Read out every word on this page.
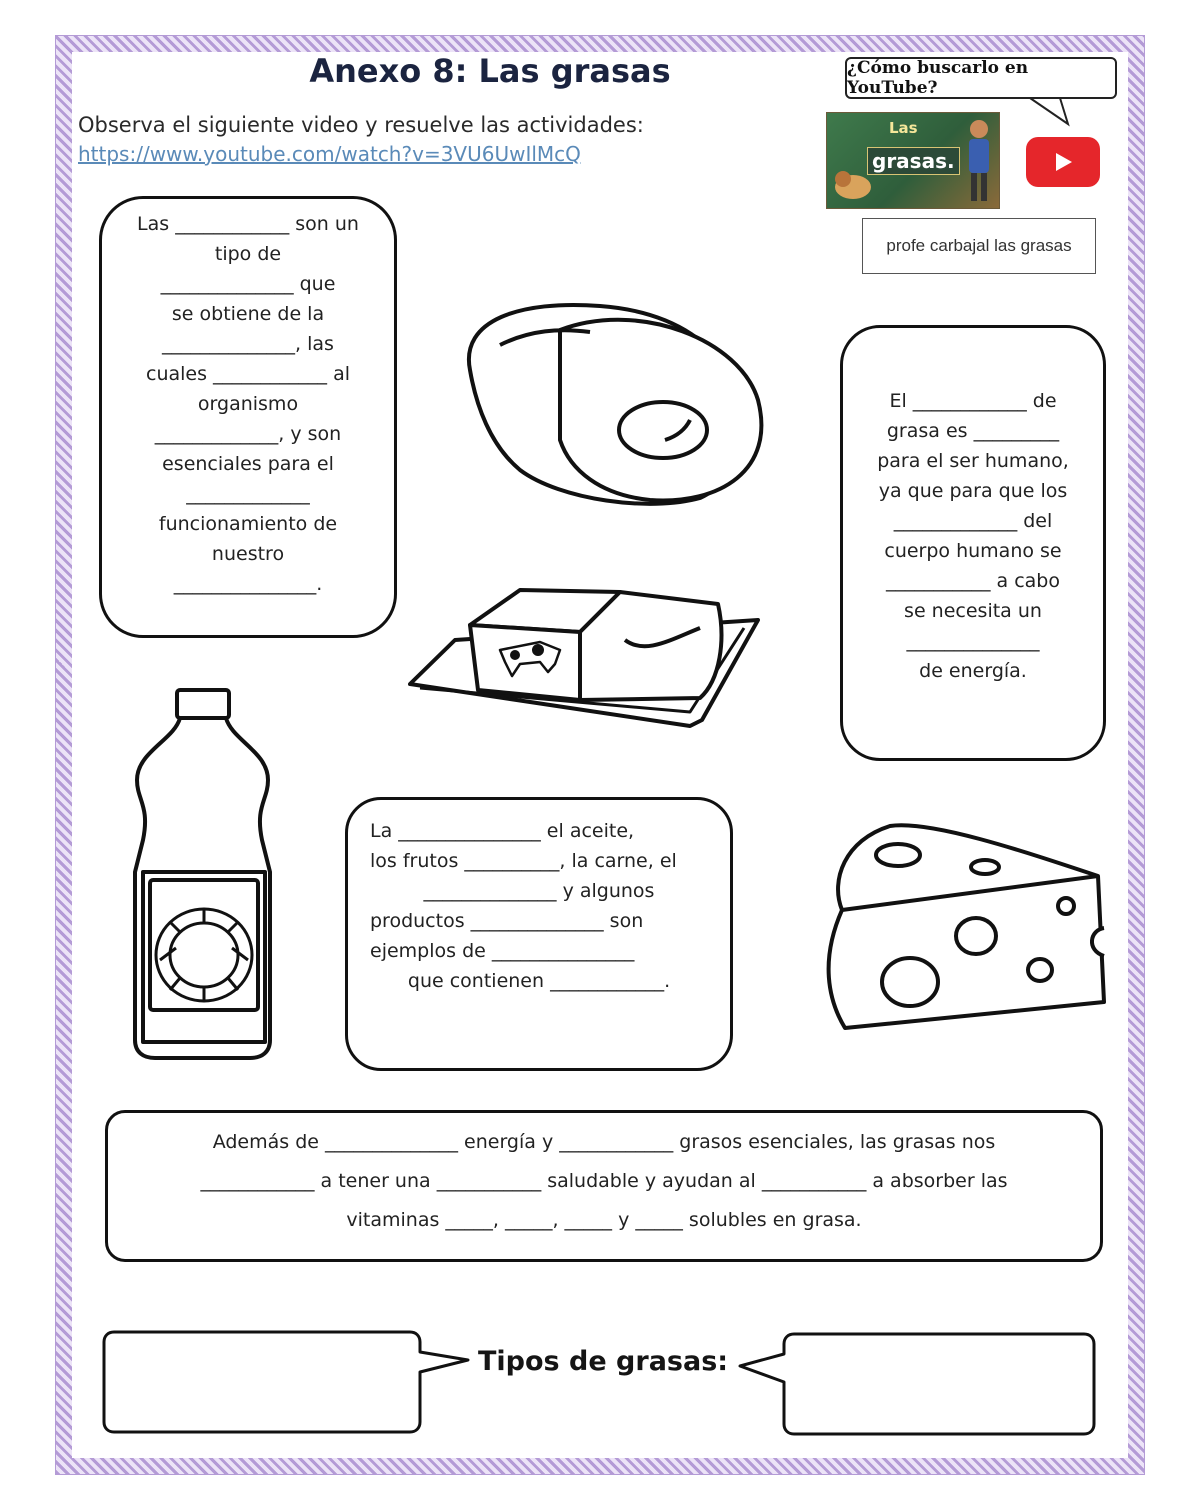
Anexo 8: Las grasas
Observa el siguiente video y resuelve las actividades:
https://www.youtube.com/watch?v=3VU6UwIlMcQ
¿Cómo buscarlo en YouTube?
Las
grasas.
profe carbajal las grasas

Las ____________ son un

tipo de

______________ que

se obtiene de la

______________, las

cuales ____________ al

organismo

_____________, y son

esenciales para el

_____________

funcionamiento de

nuestro

_______________.

El ____________ de

grasa es _________

para el ser humano,

ya que para que los

_____________ del

cuerpo humano se

___________ a cabo

se necesita un

______________

de energía.

La _______________ el aceite,

los frutos __________, la carne, el

______________ y algunos

productos ______________ son

ejemplos de _______________

que contienen ____________.

Además de ______________ energía y ____________ grasos esenciales, las grasas nos

____________ a tener una ___________ saludable y ayudan al ___________ a absorber las

vitaminas _____, _____, _____ y _____ solubles en grasa.

Tipos de grasas:
